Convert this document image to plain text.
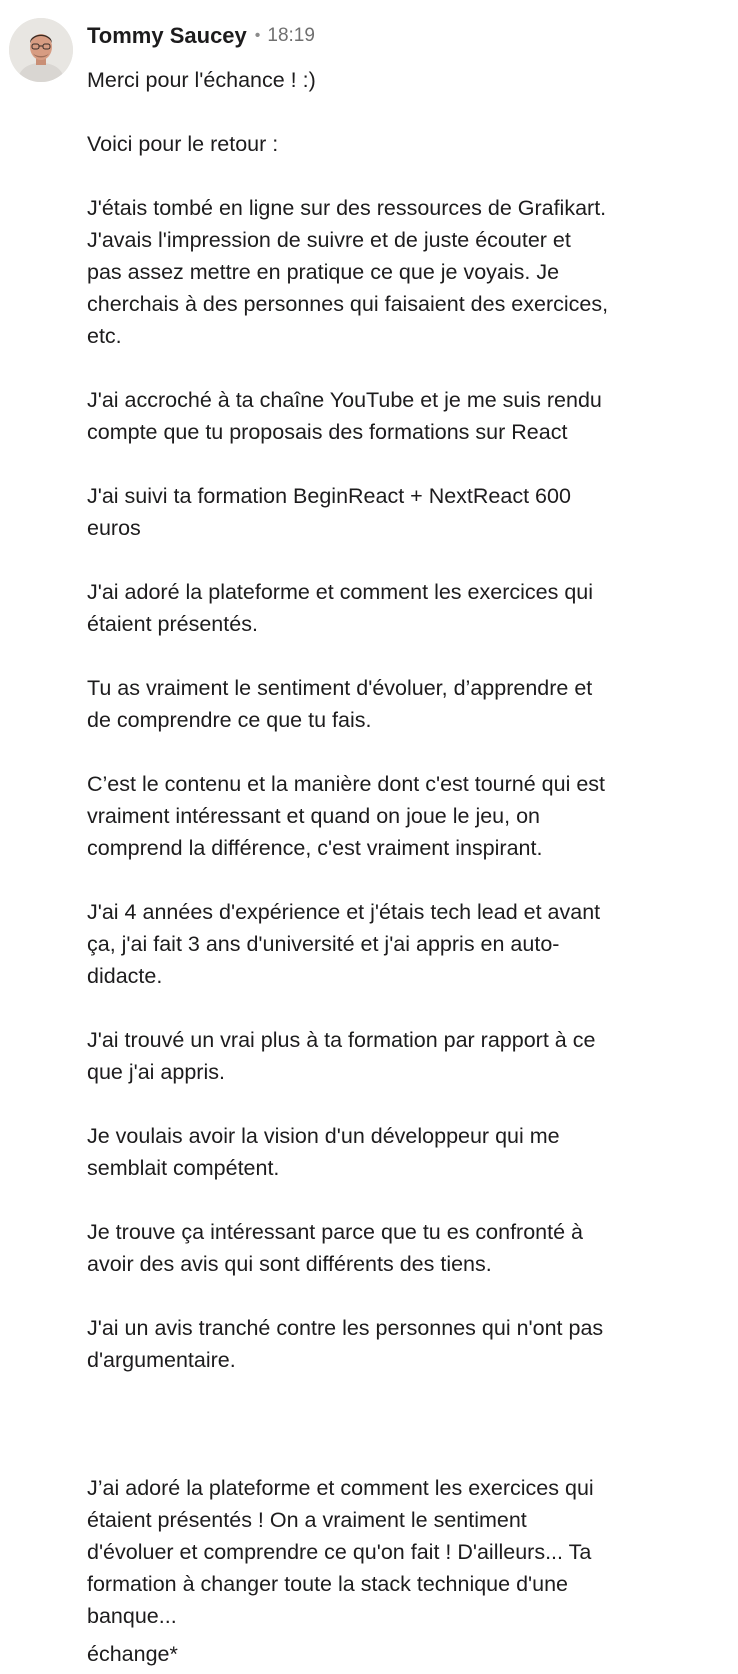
Tommy Saucey • 18:19
Merci pour l'échance ! :)
Voici pour le retour :
J'étais tombé en ligne sur des ressources de Grafikart.
J'avais l'impression de suivre et de juste écouter et
pas assez mettre en pratique ce que je voyais. Je
cherchais à des personnes qui faisaient des exercices,
etc.
J'ai accroché à ta chaîne YouTube et je me suis rendu
compte que tu proposais des formations sur React
J'ai suivi ta formation BeginReact + NextReact 600
euros
J'ai adoré la plateforme et comment les exercices qui
étaient présentés.
Tu as vraiment le sentiment d'évoluer, d’apprendre et
de comprendre ce que tu fais.
C’est le contenu et la manière dont c'est tourné qui est
vraiment intéressant et quand on joue le jeu, on
comprend la différence, c'est vraiment inspirant.
J'ai 4 années d'expérience et j'étais tech lead et avant
ça, j'ai fait 3 ans d'université et j'ai appris en auto-
didacte.
J'ai trouvé un vrai plus à ta formation par rapport à ce
que j'ai appris.
Je voulais avoir la vision d'un développeur qui me
semblait compétent.
Je trouve ça intéressant parce que tu es confronté à
avoir des avis qui sont différents des tiens.
J'ai un avis tranché contre les personnes qui n'ont pas
d'argumentaire.
J’ai adoré la plateforme et comment les exercices qui
étaient présentés ! On a vraiment le sentiment
d'évoluer et comprendre ce qu'on fait ! D'ailleurs... Ta
formation à changer toute la stack technique d'une
banque...
échange*
